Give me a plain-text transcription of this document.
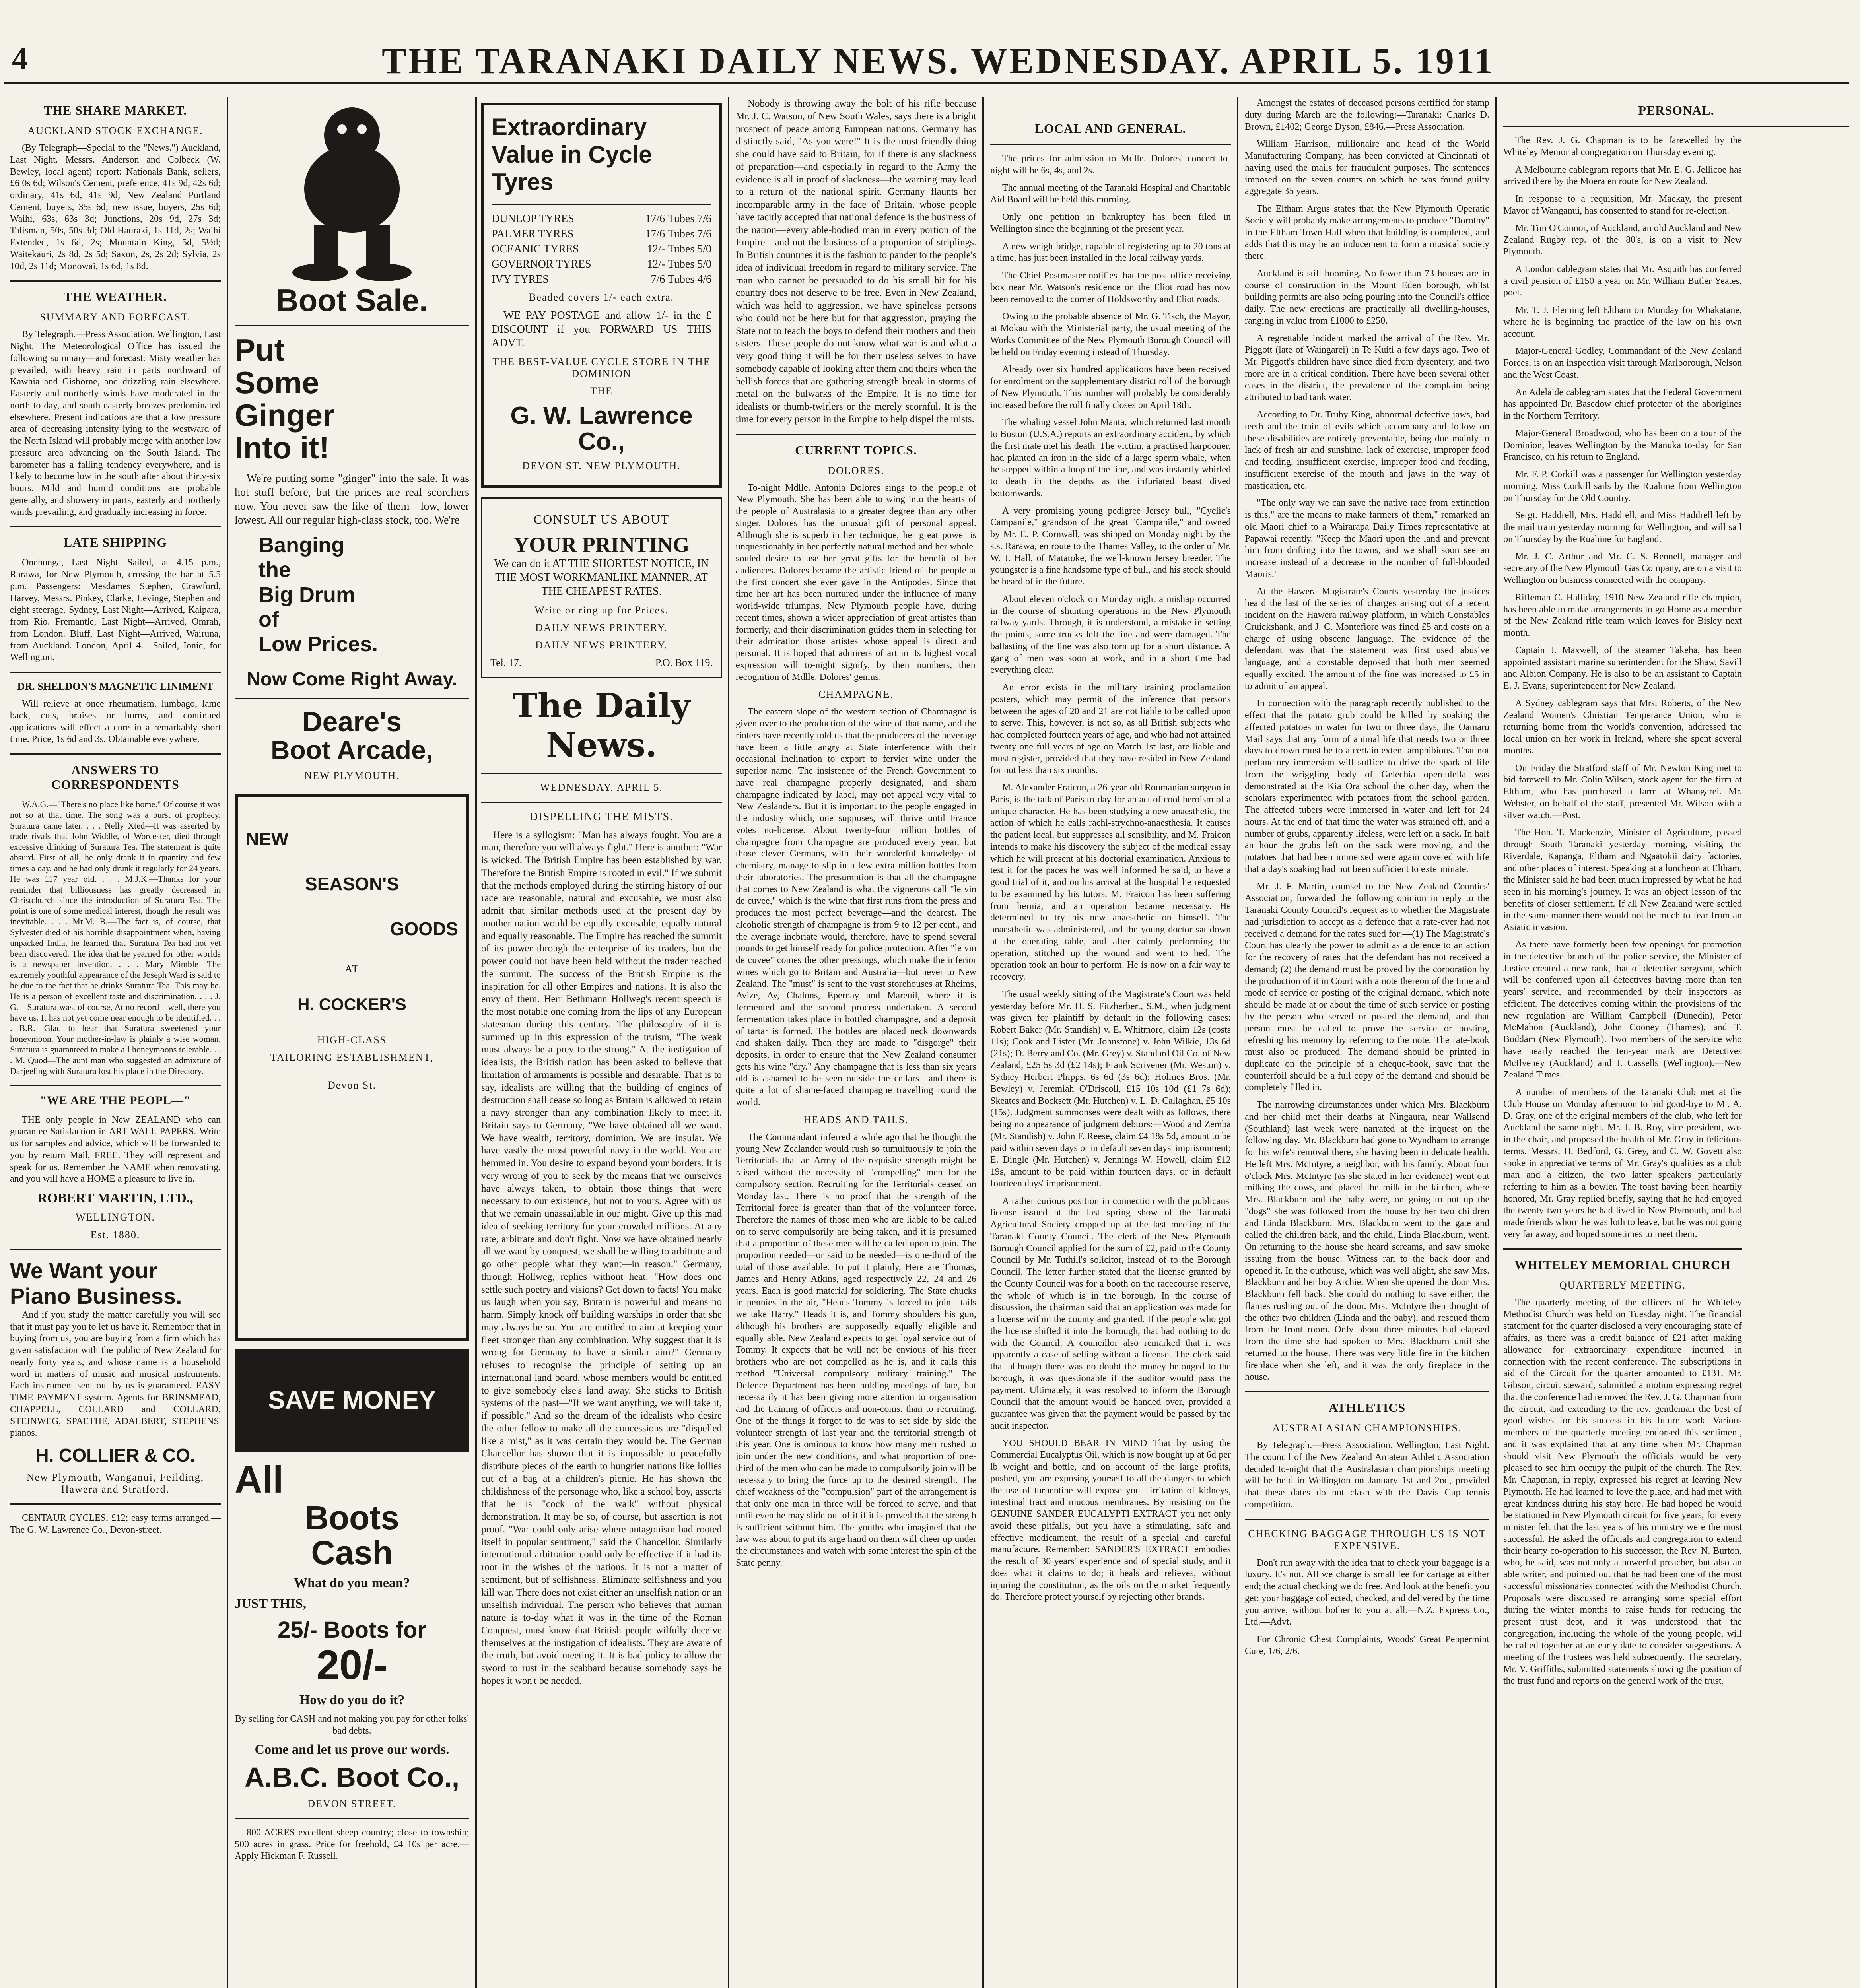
4	THE TARANAKI DAILY NEWS. WEDNESDAY. APRIL 5. 1911
THE SHARE MARKET.
AUCKLAND STOCK EXCHANGE.

(By Telegraph—Special to the "News.") Auckland, Last Night. Messrs. Anderson and Colbeck (W. Bewley, local agent) report: Nationals Bank, sellers, £6 0s 6d; Wilson's Cement, preference, 41s 9d, 42s 6d; ordinary, 41s 6d, 41s 9d; New Zealand Portland Cement, buyers, 35s 6d; new issue, buyers, 25s 6d; Waihi, 63s, 63s 3d; Junctions, 20s 9d, 27s 3d; Talisman, 50s, 50s 3d; Old Hauraki, 1s 11d, 2s; Waihi Extended, 1s 6d, 2s; Mountain King, 5d, 5½d; Waitekauri, 2s 8d, 2s 5d; Saxon, 2s, 2s 2d; Sylvia, 2s 10d, 2s 11d; Monowai, 1s 6d, 1s 8d.

THE WEATHER.
SUMMARY AND FORECAST.

By Telegraph.—Press Association. Wellington, Last Night. The Meteorological Office has issued the following summary—and forecast: Misty weather has prevailed, with heavy rain in parts northward of Kawhia and Gisborne, and drizzling rain elsewhere. Easterly and northerly winds have moderated in the north to-day, and south-easterly breezes predominated elsewhere. Present indications are that a low pressure area of decreasing intensity lying to the westward of the North Island will probably merge with another low pressure area advancing on the South Island. The barometer has a falling tendency everywhere, and is likely to become low in the south after about thirty-six hours. Mild and humid conditions are probable generally, and showery in parts, easterly and northerly winds prevailing, and gradually increasing in force.

LATE SHIPPING

Onehunga, Last Night—Sailed, at 4.15 p.m., Rarawa, for New Plymouth, crossing the bar at 5.5 p.m. Passengers: Mesdames Stephen, Crawford, Harvey, Messrs. Pinkey, Clarke, Levinge, Stephen and eight steerage. Sydney, Last Night—Arrived, Kaipara, from Rio. Fremantle, Last Night—Arrived, Omrah, from London. Bluff, Last Night—Arrived, Wairuna, from Auckland. London, April 4.—Sailed, Ionic, for Wellington.

DR. SHELDON'S MAGNETIC LINIMENT

Will relieve at once rheumatism, lumbago, lame back, cuts, bruises or burns, and continued applications will effect a cure in a remarkably short time. Price, 1s 6d and 3s. Obtainable everywhere.

ANSWERS TO CORRESPONDENTS

W.A.G.—"There's no place like home." Of course it was not so at that time. The song was a burst of prophecy. Suratura came later. . . . Nelly Xted—It was asserted by trade rivals that John Widdle, of Worcester, died through excessive drinking of Suratura Tea. The statement is quite absurd. First of all, he only drank it in quantity and few times a day, and he had only drunk it regularly for 24 years. He was 117 year old. . . . M.J.K.—Thanks for your reminder that billiousness has greatly decreased in Christchurch since the introduction of Suratura Tea. The point is one of some medical interest, though the result was inevitable. . . . Mr.M. B.—The fact is, of course, that Sylvester died of his horrible disappointment when, having unpacked India, he learned that Suratura Tea had not yet been discovered. The idea that he yearned for other worlds is a newspaper invention. . . . Mary Mimble—The extremely youthful appearance of the Joseph Ward is said to be due to the fact that he drinks Suratura Tea. This may be. He is a person of excellent taste and discrimination. . . . J. G.—Suratura was, of course, At no record—well, there you have us. It has not yet come near enough to be identified. . . . B.R.—Glad to hear that Suratura sweetened your honeymoon. Your mother-in-law is plainly a wise woman. Suratura is guaranteed to make all honeymoons tolerable. . . . M. Quod—The aunt man who suggested an admixture of Darjeeling with Suratura lost his place in the Directory.

"WE ARE THE PEOPL—"

THE only people in New ZEALAND who can guarantee Satisfaction in ART WALL PAPERS. Write us for samples and advice, which will be forwarded to you by return Mail, FREE. They will represent and speak for us. Remember the NAME when renovating, and you will have a HOME a pleasure to live in.

ROBERT MARTIN, LTD.,
WELLINGTON.
Est. 1880.
We Want your Piano Business.

And if you study the matter carefully you will see that it must pay you to let us have it. Remember that in buying from us, you are buying from a firm which has given satisfaction with the public of New Zealand for nearly forty years, and whose name is a household word in matters of music and musical instruments. Each instrument sent out by us is guaranteed. EASY TIME PAYMENT system. Agents for BRINSMEAD, CHAPPELL, COLLARD and COLLARD, STEINWEG, SPAETHE, ADALBERT, STEPHENS' pianos.

H. COLLIER & CO.
New Plymouth, Wanganui, Feilding, Hawera and Stratford.

CENTAUR CYCLES, £12; easy terms arranged.—The G. W. Lawrence Co., Devon-street.

Boot Sale.
Put
Some
Ginger
Into it!

We're putting some "ginger" into the sale. It was hot stuff before, but the prices are real scorchers now. You never saw the like of them—low, lower lowest. All our regular high-class stock, too. We're

Banging
the
Big Drum
of
Low Prices.
Now Come Right Away.
Deare's
Boot Arcade,
NEW PLYMOUTH.
NEW
SEASON'S
GOODS
AT
H. COCKER'S
HIGH-CLASS
TAILORING ESTABLISHMENT,
Devon St.
SAVE MONEY
All
Boots
Cash
What do you mean?
JUST THIS,
25/- Boots for
20/-
How do you do it?

By selling for CASH and not making you pay for other folks' bad debts.

Come and let us prove our words.
A.B.C. Boot Co.,
DEVON STREET.

800 ACRES excellent sheep country; close to township; 500 acres in grass. Price for freehold, £4 10s per acre.—Apply Hickman F. Russell.

Extraordinary
Value in Cycle Tyres
DUNLOP TYRES	17/6 Tubes 7/6
PALMER TYRES	17/6 Tubes 7/6
OCEANIC TYRES	12/- Tubes 5/0
GOVERNOR TYRES	12/- Tubes 5/0
IVY TYRES	7/6 Tubes 4/6
Beaded covers 1/- each extra.

WE PAY POSTAGE and allow 1/- in the £ DISCOUNT if you FORWARD US THIS ADVT.

THE BEST-VALUE CYCLE STORE IN THE DOMINION
THE
G. W. Lawrence Co.,
DEVON ST. NEW PLYMOUTH.
CONSULT US ABOUT
YOUR PRINTING

We can do it AT THE SHORTEST NOTICE, IN THE MOST WORKMANLIKE MANNER, AT THE CHEAPEST RATES.

Write or ring up for Prices.
DAILY NEWS PRINTERY.
DAILY NEWS PRINTERY.
Tel. 17.	P.O. Box 119.
The Daily News.
WEDNESDAY, APRIL 5.
DISPELLING THE MISTS.

Here is a syllogism: "Man has always fought. You are a man, therefore you will always fight." Here is another: "War is wicked. The British Empire has been established by war. Therefore the British Empire is rooted in evil." If we submit that the methods employed during the stirring history of our race are reasonable, natural and excusable, we must also admit that similar methods used at the present day by another nation would be equally excusable, equally natural and equally reasonable. The Empire has reached the summit of its power through the enterprise of its traders, but the power could not have been held without the trader reached the summit. The success of the British Empire is the inspiration for all other Empires and nations. It is also the envy of them. Herr Bethmann Hollweg's recent speech is the most notable one coming from the lips of any European statesman during this century. The philosophy of it is summed up in this expression of the truism, "The weak must always be a prey to the strong." At the instigation of idealists, the British nation has been asked to believe that limitation of armaments is possible and desirable. That is to say, idealists are willing that the building of engines of destruction shall cease so long as Britain is allowed to retain a navy stronger than any combination likely to meet it. Britain says to Germany, "We have obtained all we want. We have wealth, territory, dominion. We are insular. We have vastly the most powerful navy in the world. You are hemmed in. You desire to expand beyond your borders. It is very wrong of you to seek by the means that we ourselves have always taken, to obtain those things that were necessary to our existence, but not to yours. Agree with us that we remain unassailable in our might. Give up this mad idea of seeking territory for your crowded millions. At any rate, arbitrate and don't fight. Now we have obtained nearly all we want by conquest, we shall be willing to arbitrate and go other people what they want—in reason." Germany, through Hollweg, replies without heat: "How does one settle such poetry and visions? Get down to facts! You make us laugh when you say, Britain is powerful and means no harm. Simply knock off building warships in order that she may always be so. You are entitled to aim at keeping your fleet stronger than any combination. Why suggest that it is wrong for Germany to have a similar aim?" Germany refuses to recognise the principle of setting up an international land board, whose members would be entitled to give somebody else's land away. She sticks to British systems of the past—"If we want anything, we will take it, if possible." And so the dream of the idealists who desire the other fellow to make all the concessions are "dispelled like a mist," as it was certain they would be. The German Chancellor has shown that it is impossible to peacefully distribute pieces of the earth to hungrier nations like lollies cut of a bag at a children's picnic. He has shown the childishness of the personage who, like a school boy, asserts that he is "cock of the walk" without physical demonstration. It may be so, of course, but assertion is not proof. "War could only arise where antagonism had rooted itself in popular sentiment," said the Chancellor. Similarly international arbitration could only be effective if it had its root in the wishes of the nations. It is not a matter of sentiment, but of selfishness. Eliminate selfishness and you kill war. There does not exist either an unselfish nation or an unselfish individual. The person who believes that human nature is to-day what it was in the time of the Roman Conquest, must know that British people wilfully deceive themselves at the instigation of idealists. They are aware of the truth, but avoid meeting it. It is bad policy to allow the sword to rust in the scabbard because somebody says he hopes it won't be needed.

Nobody is throwing away the bolt of his rifle because Mr. J. C. Watson, of New South Wales, says there is a bright prospect of peace among European nations. Germany has distinctly said, "As you were!" It is the most friendly thing she could have said to Britain, for if there is any slackness of preparation—and especially in regard to the Army the evidence is all in proof of slackness—the warning may lead to a return of the national spirit. Germany flaunts her incomparable army in the face of Britain, whose people have tacitly accepted that national defence is the business of the nation—every able-bodied man in every portion of the Empire—and not the business of a proportion of striplings. In British countries it is the fashion to pander to the people's idea of individual freedom in regard to military service. The man who cannot be persuaded to do his small bit for his country does not deserve to be free. Even in New Zealand, which was held to aggression, we have spineless persons who could not be here but for that aggression, praying the State not to teach the boys to defend their mothers and their sisters. These people do not know what war is and what a very good thing it will be for their useless selves to have somebody capable of looking after them and theirs when the hellish forces that are gathering strength break in storms of metal on the bulwarks of the Empire. It is no time for idealists or thumb-twirlers or the merely scornful. It is the time for every person in the Empire to help dispel the mists.

CURRENT TOPICS.
DOLORES.

To-night Mdlle. Antonia Dolores sings to the people of New Plymouth. She has been able to wing into the hearts of the people of Australasia to a greater degree than any other singer. Dolores has the unusual gift of personal appeal. Although she is superb in her technique, her great power is unquestionably in her perfectly natural method and her whole-souled desire to use her great gifts for the benefit of her audiences. Dolores became the artistic friend of the people at the first concert she ever gave in the Antipodes. Since that time her art has been nurtured under the influence of many world-wide triumphs. New Plymouth people have, during recent times, shown a wider appreciation of great artistes than formerly, and their discrimination guides them in selecting for their admiration those artistes whose appeal is direct and personal. It is hoped that admirers of art in its highest vocal expression will to-night signify, by their numbers, their recognition of Mdlle. Dolores' genius.

CHAMPAGNE.

The eastern slope of the western section of Champagne is given over to the production of the wine of that name, and the rioters have recently told us that the producers of the beverage have been a little angry at State interference with their occasional inclination to export to fervier wine under the superior name. The insistence of the French Government to have real champagne properly designated, and sham champagne indicated by label, may not appeal very vital to New Zealanders. But it is important to the people engaged in the industry which, one supposes, will thrive until France votes no-license. About twenty-four million bottles of champagne from Champagne are produced every year, but those clever Germans, with their wonderful knowledge of chemistry, manage to slip in a few extra million bottles from their laboratories. The presumption is that all the champagne that comes to New Zealand is what the vignerons call "le vin de cuvee," which is the wine that first runs from the press and produces the most perfect beverage—and the dearest. The alcoholic strength of champagne is from 9 to 12 per cent., and the average inebriate would, therefore, have to spend several pounds to get himself ready for police protection. After "le vin de cuvee" comes the other pressings, which make the inferior wines which go to Britain and Australia—but never to New Zealand. The "must" is sent to the vast storehouses at Rheims, Avize, Ay, Chalons, Epernay and Mareuil, where it is fermented and the second process undertaken. A second fermentation takes place in bottled champagne, and a deposit of tartar is formed. The bottles are placed neck downwards and shaken daily. Then they are made to "disgorge" their deposits, in order to ensure that the New Zealand consumer gets his wine "dry." Any champagne that is less than six years old is ashamed to be seen outside the cellars—and there is quite a lot of shame-faced champagne travelling round the world.

HEADS AND TAILS.

The Commandant inferred a while ago that he thought the young New Zealander would rush so tumultuously to join the Territorials that an Army of the requisite strength might be raised without the necessity of "compelling" men for the compulsory section. Recruiting for the Territorials ceased on Monday last. There is no proof that the strength of the Territorial force is greater than that of the volunteer force. Therefore the names of those men who are liable to be called on to serve compulsorily are being taken, and it is presumed that a proportion of these men will be called upon to join. The proportion needed—or said to be needed—is one-third of the total of those available. To put it plainly, Here are Thomas, James and Henry Atkins, aged respectively 22, 24 and 26 years. Each is good material for soldiering. The State chucks in pennies in the air, "Heads Tommy is forced to join—tails we take Harry." Heads it is, and Tommy shoulders his gun, although his brothers are supposedly equally eligible and equally able. New Zealand expects to get loyal service out of Tommy. It expects that he will not be envious of his freer brothers who are not compelled as he is, and it calls this method "Universal compulsory military training." The Defence Department has been holding meetings of late, but necessarily it has been giving more attention to organisation and the training of officers and non-coms. than to recruiting. One of the things it forgot to do was to set side by side the volunteer strength of last year and the territorial strength of this year. One is ominous to know how many men rushed to join under the new conditions, and what proportion of one-third of the men who can be made to compulsorily join will be necessary to bring the force up to the desired strength. The chief weakness of the "compulsion" part of the arrangement is that only one man in three will be forced to serve, and that until even he may slide out of it if it is proved that the strength is sufficient without him. The youths who imagined that the law was about to put its arge hand on them will cheer up under the circumstances and watch with some interest the spin of the State penny.

LOCAL AND GENERAL.

The prices for admission to Mdlle. Dolores' concert to-night will be 6s, 4s, and 2s.

The annual meeting of the Taranaki Hospital and Charitable Aid Board will be held this morning.

Only one petition in bankruptcy has been filed in Wellington since the beginning of the present year.

A new weigh-bridge, capable of registering up to 20 tons at a time, has just been installed in the local railway yards.

The Chief Postmaster notifies that the post office receiving box near Mr. Watson's residence on the Eliot road has now been removed to the corner of Holdsworthy and Eliot roads.

Owing to the probable absence of Mr. G. Tisch, the Mayor, at Mokau with the Ministerial party, the usual meeting of the Works Committee of the New Plymouth Borough Council will be held on Friday evening instead of Thursday.

Already over six hundred applications have been received for enrolment on the supplementary district roll of the borough of New Plymouth. This number will probably be considerably increased before the roll finally closes on April 18th.

The whaling vessel John Manta, which returned last month to Boston (U.S.A.) reports an extraordinary accident, by which the first mate met his death. The victim, a practised harpooner, had planted an iron in the side of a large sperm whale, when he stepped within a loop of the line, and was instantly whirled to death in the depths as the infuriated beast dived bottomwards.

A very promising young pedigree Jersey bull, "Cyclic's Campanile," grandson of the great "Campanile," and owned by Mr. E. P. Cornwall, was shipped on Monday night by the s.s. Rarawa, en route to the Thames Valley, to the order of Mr. W. J. Hall, of Matatoke, the well-known Jersey breeder. The youngster is a fine handsome type of bull, and his stock should be heard of in the future.

About eleven o'clock on Monday night a mishap occurred in the course of shunting operations in the New Plymouth railway yards. Through, it is understood, a mistake in setting the points, some trucks left the line and were damaged. The ballasting of the line was also torn up for a short distance. A gang of men was soon at work, and in a short time had everything clear.

An error exists in the military training proclamation posters, which may permit of the inference that persons between the ages of 20 and 21 are not liable to be called upon to serve. This, however, is not so, as all British subjects who had completed fourteen years of age, and who had not attained twenty-one full years of age on March 1st last, are liable and must register, provided that they have resided in New Zealand for not less than six months.

M. Alexander Fraicon, a 26-year-old Roumanian surgeon in Paris, is the talk of Paris to-day for an act of cool heroism of a unique character. He has been studying a new anaesthetic, the action of which he calls rachi-strychno-anaesthesia. It causes the patient local, but suppresses all sensibility, and M. Fraicon intends to make his discovery the subject of the medical essay which he will present at his doctorial examination. Anxious to test it for the paces he was well informed he said, to have a good trial of it, and on his arrival at the hospital he requested to be examined by his tutors. M. Fraicon has been suffering from hernia, and an operation became necessary. He determined to try his new anaesthetic on himself. The anaesthetic was administered, and the young doctor sat down at the operating table, and after calmly performing the operation, stitched up the wound and went to bed. The operation took an hour to perform. He is now on a fair way to recovery.

The usual weekly sitting of the Magistrate's Court was held yesterday before Mr. H. S. Fitzherbert, S.M., when judgment was given for plaintiff by default in the following cases: Robert Baker (Mr. Standish) v. E. Whitmore, claim 12s (costs 11s); Cook and Lister (Mr. Johnstone) v. John Wilkie, 13s 6d (21s); D. Berry and Co. (Mr. Grey) v. Standard Oil Co. of New Zealand, £25 5s 3d (£2 14s); Frank Scrivener (Mr. Weston) v. Sydney Herbert Phipps, 6s 6d (3s 6d); Holmes Bros. (Mr. Bewley) v. Jeremiah O'Driscoll, £15 10s 10d (£1 7s 6d); Skeates and Bocksett (Mr. Hutchen) v. L. D. Callaghan, £5 10s (15s). Judgment summonses were dealt with as follows, there being no appearance of judgment debtors:—Wood and Zemba (Mr. Standish) v. John F. Reese, claim £4 18s 5d, amount to be paid within seven days or in default seven days' imprisonment; E. Dingle (Mr. Hutchen) v. Jennings W. Howell, claim £12 19s, amount to be paid within fourteen days, or in default fourteen days' imprisonment.

A rather curious position in connection with the publicans' license issued at the last spring show of the Taranaki Agricultural Society cropped up at the last meeting of the Taranaki County Council. The clerk of the New Plymouth Borough Council applied for the sum of £2, paid to the County Council by Mr. Tuthill's solicitor, instead of to the Borough Council. The letter further stated that the license granted by the County Council was for a booth on the racecourse reserve, the whole of which is in the borough. In the course of discussion, the chairman said that an application was made for a license within the county and granted. If the people who got the license shifted it into the borough, that had nothing to do with the Council. A councillor also remarked that it was apparently a case of selling without a license. The clerk said that although there was no doubt the money belonged to the borough, it was questionable if the auditor would pass the payment. Ultimately, it was resolved to inform the Borough Council that the amount would be handed over, provided a guarantee was given that the payment would be passed by the audit inspector.

YOU SHOULD BEAR IN MIND That by using the Commercial Eucalyptus Oil, which is now bought up at 6d per lb weight and bottle, and on account of the large profits, pushed, you are exposing yourself to all the dangers to which the use of turpentine will expose you—irritation of kidneys, intestinal tract and mucous membranes. By insisting on the GENUINE SANDER EUCALYPTI EXTRACT you not only avoid these pitfalls, but you have a stimulating, safe and effective medicament, the result of a special and careful manufacture. Remember: SANDER'S EXTRACT embodies the result of 30 years' experience and of special study, and it does what it claims to do; it heals and relieves, without injuring the constitution, as the oils on the market frequently do. Therefore protect yourself by rejecting other brands.

Amongst the estates of deceased persons certified for stamp duty during March are the following:—Taranaki: Charles D. Brown, £1402; George Dyson, £846.—Press Association.

William Harrison, millionaire and head of the World Manufacturing Company, has been convicted at Cincinnati of having used the mails for fraudulent purposes. The sentences imposed on the seven counts on which he was found guilty aggregate 35 years.

The Eltham Argus states that the New Plymouth Operatic Society will probably make arrangements to produce "Dorothy" in the Eltham Town Hall when that building is completed, and adds that this may be an inducement to form a musical society there.

Auckland is still booming. No fewer than 73 houses are in course of construction in the Mount Eden borough, whilst building permits are also being pouring into the Council's office daily. The new erections are practically all dwelling-houses, ranging in value from £1000 to £250.

A regrettable incident marked the arrival of the Rev. Mr. Piggott (late of Waingarei) in Te Kuiti a few days ago. Two of Mr. Piggott's children have since died from dysentery, and two more are in a critical condition. There have been several other cases in the district, the prevalence of the complaint being attributed to bad tank water.

According to Dr. Truby King, abnormal defective jaws, bad teeth and the train of evils which accompany and follow on these disabilities are entirely preventable, being due mainly to lack of fresh air and sunshine, lack of exercise, improper food and feeding, insufficient exercise, improper food and feeding, insufficient exercise of the mouth and jaws in the way of mastication, etc.

"The only way we can save the native race from extinction is this," are the means to make farmers of them," remarked an old Maori chief to a Wairarapa Daily Times representative at Papawai recently. "Keep the Maori upon the land and prevent him from drifting into the towns, and we shall soon see an increase instead of a decrease in the number of full-blooded Maoris."

At the Hawera Magistrate's Courts yesterday the justices heard the last of the series of charges arising out of a recent incident on the Hawera railway platform, in which Constables Cruickshank, and J. C. Montefiore was fined £5 and costs on a charge of using obscene language. The evidence of the defendant was that the statement was first used abusive language, and a constable deposed that both men seemed equally excited. The amount of the fine was increased to £5 in to admit of an appeal.

In connection with the paragraph recently published to the effect that the potato grub could be killed by soaking the affected potatoes in water for two or three days, the Oamaru Mail says that any form of animal life that needs two or three days to drown must be to a certain extent amphibious. That not perfunctory immersion will suffice to drive the spark of life from the wriggling body of Gelechia operculella was demonstrated at the Kia Ora school the other day, when the scholars experimented with potatoes from the school garden. The affected tubers were immersed in water and left for 24 hours. At the end of that time the water was strained off, and a number of grubs, apparently lifeless, were left on a sack. In half an hour the grubs left on the sack were moving, and the potatoes that had been immersed were again covered with life that a day's soaking had not been sufficient to exterminate.

Mr. J. F. Martin, counsel to the New Zealand Counties' Association, forwarded the following opinion in reply to the Taranaki County Council's request as to whether the Magistrate had jurisdiction to accept as a defence that a rate-ever had not received a demand for the rates sued for:—(1) The Magistrate's Court has clearly the power to admit as a defence to an action for the recovery of rates that the defendant has not received a demand; (2) the demand must be proved by the corporation by the production of it in Court with a note thereon of the time and mode of service or posting of the original demand, which note should be made at or about the time of such service or posting by the person who served or posted the demand, and that person must be called to prove the service or posting, refreshing his memory by referring to the note. The rate-book must also be produced. The demand should be printed in duplicate on the principle of a cheque-book, save that the counterfoil should be a full copy of the demand and should be completely filled in.

The narrowing circumstances under which Mrs. Blackburn and her child met their deaths at Ningaura, near Wallsend (Southland) last week were narrated at the inquest on the following day. Mr. Blackburn had gone to Wyndham to arrange for his wife's removal there, she having been in delicate health. He left Mrs. McIntyre, a neighbor, with his family. About four o'clock Mrs. McIntyre (as she stated in her evidence) went out milking the cows, and placed the milk in the kitchen, where Mrs. Blackburn and the baby were, on going to put up the "dogs" she was followed from the house by her two children and Linda Blackburn. Mrs. Blackburn went to the gate and called the children back, and the child, Linda Blackburn, went. On returning to the house she heard screams, and saw smoke issuing from the house. Witness ran to the back door and opened it. In the outhouse, which was well alight, she saw Mrs. Blackburn and her boy Archie. When she opened the door Mrs. Blackburn fell back. She could do nothing to save either, the flames rushing out of the door. Mrs. McIntyre then thought of the other two children (Linda and the baby), and rescued them from the front room. Only about three minutes had elapsed from the time she had spoken to Mrs. Blackburn until she returned to the house. There was very little fire in the kitchen fireplace when she left, and it was the only fireplace in the house.

ATHLETICS
AUSTRALASIAN CHAMPIONSHIPS.

By Telegraph.—Press Association. Wellington, Last Night. The council of the New Zealand Amateur Athletic Association decided to-night that the Australasian championships meeting will be held in Wellington on January 1st and 2nd, provided that these dates do not clash with the Davis Cup tennis competition.

CHECKING BAGGAGE THROUGH US IS NOT EXPENSIVE.

Don't run away with the idea that to check your baggage is a luxury. It's not. All we charge is small fee for cartage at either end; the actual checking we do free. And look at the benefit you get: your baggage collected, checked, and delivered by the time you arrive, without bother to you at all.—N.Z. Express Co., Ltd.—Advt.

For Chronic Chest Complaints, Woods' Great Peppermint Cure, 1/6, 2/6.

PERSONAL.

The Rev. J. G. Chapman is to be farewelled by the Whiteley Memorial congregation on Thursday evening.

A Melbourne cablegram reports that Mr. E. G. Jellicoe has arrived there by the Moera en route for New Zealand.

In response to a requisition, Mr. Mackay, the present Mayor of Wanganui, has consented to stand for re-election.

Mr. Tim O'Connor, of Auckland, an old Auckland and New Zealand Rugby rep. of the '80's, is on a visit to New Plymouth.

A London cablegram states that Mr. Asquith has conferred a civil pension of £150 a year on Mr. William Butler Yeates, poet.

Mr. T. J. Fleming left Eltham on Monday for Whakatane, where he is beginning the practice of the law on his own account.

Major-General Godley, Commandant of the New Zealand Forces, is on an inspection visit through Marlborough, Nelson and the West Coast.

An Adelaide cablegram states that the Federal Government has appointed Dr. Basedow chief protector of the aborigines in the Northern Territory.

Major-General Broadwood, who has been on a tour of the Dominion, leaves Wellington by the Manuka to-day for San Francisco, on his return to England.

Mr. F. P. Corkill was a passenger for Wellington yesterday morning. Miss Corkill sails by the Ruahine from Wellington on Thursday for the Old Country.

Sergt. Haddrell, Mrs. Haddrell, and Miss Haddrell left by the mail train yesterday morning for Wellington, and will sail on Thursday by the Ruahine for England.

Mr. J. C. Arthur and Mr. C. S. Rennell, manager and secretary of the New Plymouth Gas Company, are on a visit to Wellington on business connected with the company.

Rifleman C. Halliday, 1910 New Zealand rifle champion, has been able to make arrangements to go Home as a member of the New Zealand rifle team which leaves for Bisley next month.

Captain J. Maxwell, of the steamer Takeha, has been appointed assistant marine superintendent for the Shaw, Savill and Albion Company. He is also to be an assistant to Captain E. J. Evans, superintendent for New Zealand.

A Sydney cablegram says that Mrs. Roberts, of the New Zealand Women's Christian Temperance Union, who is returning home from the world's convention, addressed the local union on her work in Ireland, where she spent several months.

On Friday the Stratford staff of Mr. Newton King met to bid farewell to Mr. Colin Wilson, stock agent for the firm at Eltham, who has purchased a farm at Whangarei. Mr. Webster, on behalf of the staff, presented Mr. Wilson with a silver watch.—Post.

The Hon. T. Mackenzie, Minister of Agriculture, passed through South Taranaki yesterday morning, visiting the Riverdale, Kapanga, Eltham and Ngaatokii dairy factories, and other places of interest. Speaking at a luncheon at Eltham, the Minister said he had been much impressed by what he had seen in his morning's journey. It was an object lesson of the benefits of closer settlement. If all New Zealand were settled in the same manner there would not be much to fear from an Asiatic invasion.

As there have formerly been few openings for promotion in the detective branch of the police service, the Minister of Justice created a new rank, that of detective-sergeant, which will be conferred upon all detectives having more than ten years' service, and recommended by their inspectors as efficient. The detectives coming within the provisions of the new regulation are William Campbell (Dunedin), Peter McMahon (Auckland), John Cooney (Thames), and T. Boddam (New Plymouth). Two members of the service who have nearly reached the ten-year mark are Detectives McIlveney (Auckland) and J. Cassells (Wellington).—New Zealand Times.

A number of members of the Taranaki Club met at the Club House on Monday afternoon to bid good-bye to Mr. A. D. Gray, one of the original members of the club, who left for Auckland the same night. Mr. J. B. Roy, vice-president, was in the chair, and proposed the health of Mr. Gray in felicitous terms. Messrs. H. Bedford, G. Grey, and C. W. Govett also spoke in appreciative terms of Mr. Gray's qualities as a club man and a citizen, the two latter speakers particularly referring to him as a bowler. The toast having been heartily honored, Mr. Gray replied briefly, saying that he had enjoyed the twenty-two years he had lived in New Plymouth, and had made friends whom he was loth to leave, but he was not going very far away, and hoped sometimes to meet them.

WHITELEY MEMORIAL CHURCH
QUARTERLY MEETING.

The quarterly meeting of the officers of the Whiteley Methodist Church was held on Tuesday night. The financial statement for the quarter disclosed a very encouraging state of affairs, as there was a credit balance of £21 after making allowance for extraordinary expenditure incurred in connection with the recent conference. The subscriptions in aid of the Circuit for the quarter amounted to £131. Mr. Gibson, circuit steward, submitted a motion expressing regret that the conference had removed the Rev. J. G. Chapman from the circuit, and extending to the rev. gentleman the best of good wishes for his success in his future work. Various members of the quarterly meeting endorsed this sentiment, and it was explained that at any time when Mr. Chapman should visit New Plymouth the officials would be very pleased to see him occupy the pulpit of the church. The Rev. Mr. Chapman, in reply, expressed his regret at leaving New Plymouth. He had learned to love the place, and had met with great kindness during his stay here. He had hoped he would be stationed in New Plymouth circuit for five years, for every minister felt that the last years of his ministry were the most successful. He asked the officials and congregation to extend their hearty co-operation to his successor, the Rev. N. Burton, who, he said, was not only a powerful preacher, but also an able writer, and pointed out that he had been one of the most successful missionaries connected with the Methodist Church. Proposals were discussed re arranging some special effort during the winter months to raise funds for reducing the present trust debt, and it was understood that the congregation, including the whole of the young people, will be called together at an early date to consider suggestions. A meeting of the trustees was held subsequently. The secretary, Mr. V. Griffiths, submitted statements showing the position of the trust fund and reports on the general work of the trust.
